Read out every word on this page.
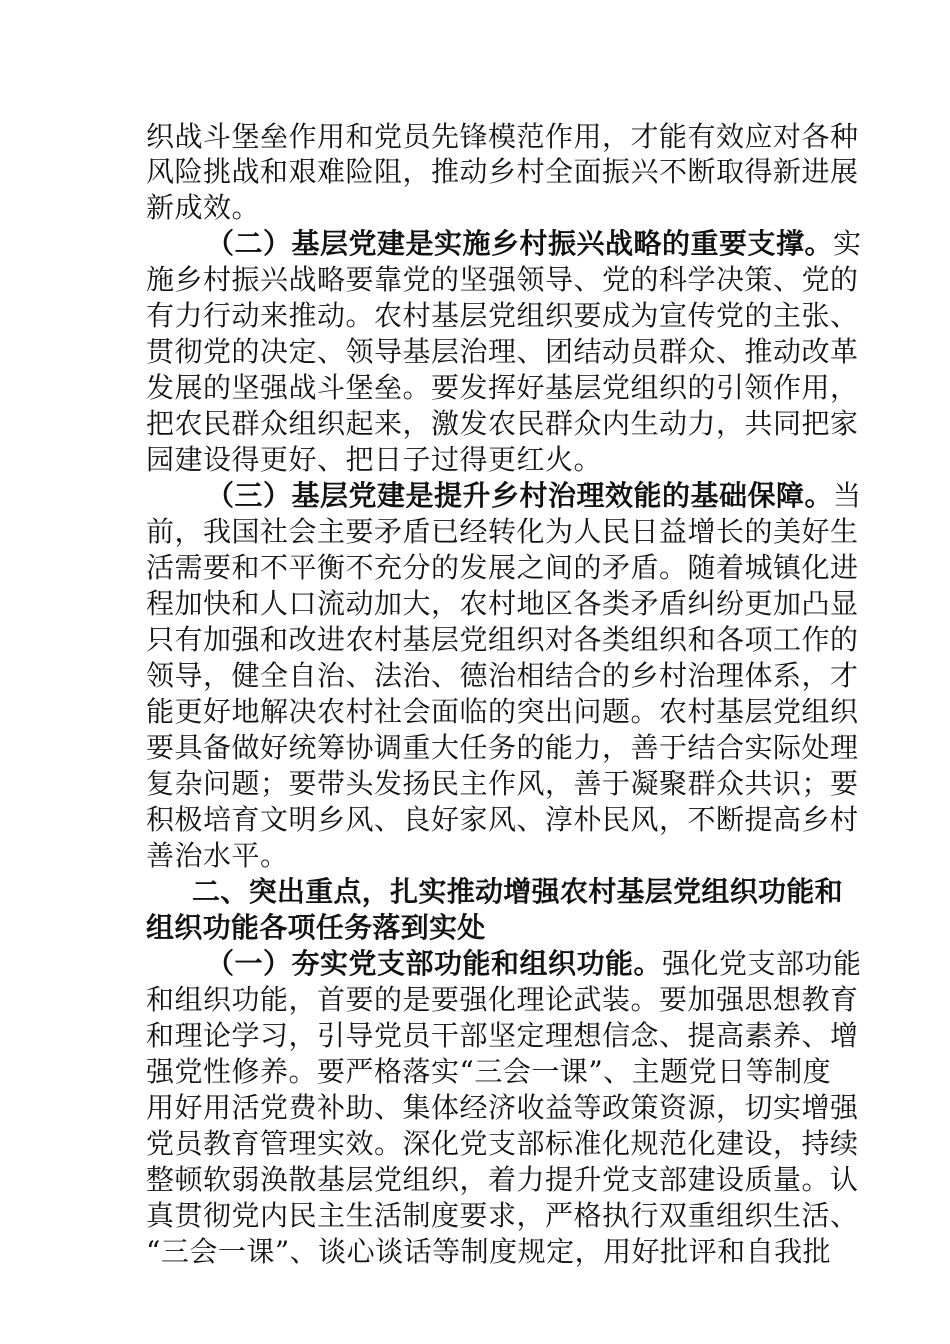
织战斗堡垒作用和党员先锋模范作用，才能有效应对各种
风险挑战和艰难险阻，推动乡村全面振兴不断取得新进展
新成效。
（二）基层党建是实施乡村振兴战略的重要支撑。实
施乡村振兴战略要靠党的坚强领导、党的科学决策、党的
有力行动来推动。农村基层党组织要成为宣传党的主张、
贯彻党的决定、领导基层治理、团结动员群众、推动改革
发展的坚强战斗堡垒。要发挥好基层党组织的引领作用，
把农民群众组织起来，激发农民群众内生动力，共同把家
园建设得更好、把日子过得更红火。
（三）基层党建是提升乡村治理效能的基础保障。当
前，我国社会主要矛盾已经转化为人民日益增长的美好生
活需要和不平衡不充分的发展之间的矛盾。随着城镇化进
程加快和人口流动加大，农村地区各类矛盾纠纷更加凸显
只有加强和改进农村基层党组织对各类组织和各项工作的
领导，健全自治、法治、德治相结合的乡村治理体系，才
能更好地解决农村社会面临的突出问题。农村基层党组织
要具备做好统筹协调重大任务的能力，善于结合实际处理
复杂问题；要带头发扬民主作风，善于凝聚群众共识；要
积极培育文明乡风、良好家风、淳朴民风，不断提高乡村
善治水平。
二、突出重点，扎实推动增强农村基层党组织功能和
组织功能各项任务落到实处
（一）夯实党支部功能和组织功能。强化党支部功能
和组织功能，首要的是要强化理论武装。要加强思想教育
和理论学习，引导党员干部坚定理想信念、提高素养、增
强党性修养。要严格落实“三会一课”、主题党日等制度
用好用活党费补助、集体经济收益等政策资源，切实增强
党员教育管理实效。深化党支部标准化规范化建设，持续
整顿软弱涣散基层党组织，着力提升党支部建设质量。认
真贯彻党内民主生活制度要求，严格执行双重组织生活、
“三会一课”、谈心谈话等制度规定，用好批评和自我批
